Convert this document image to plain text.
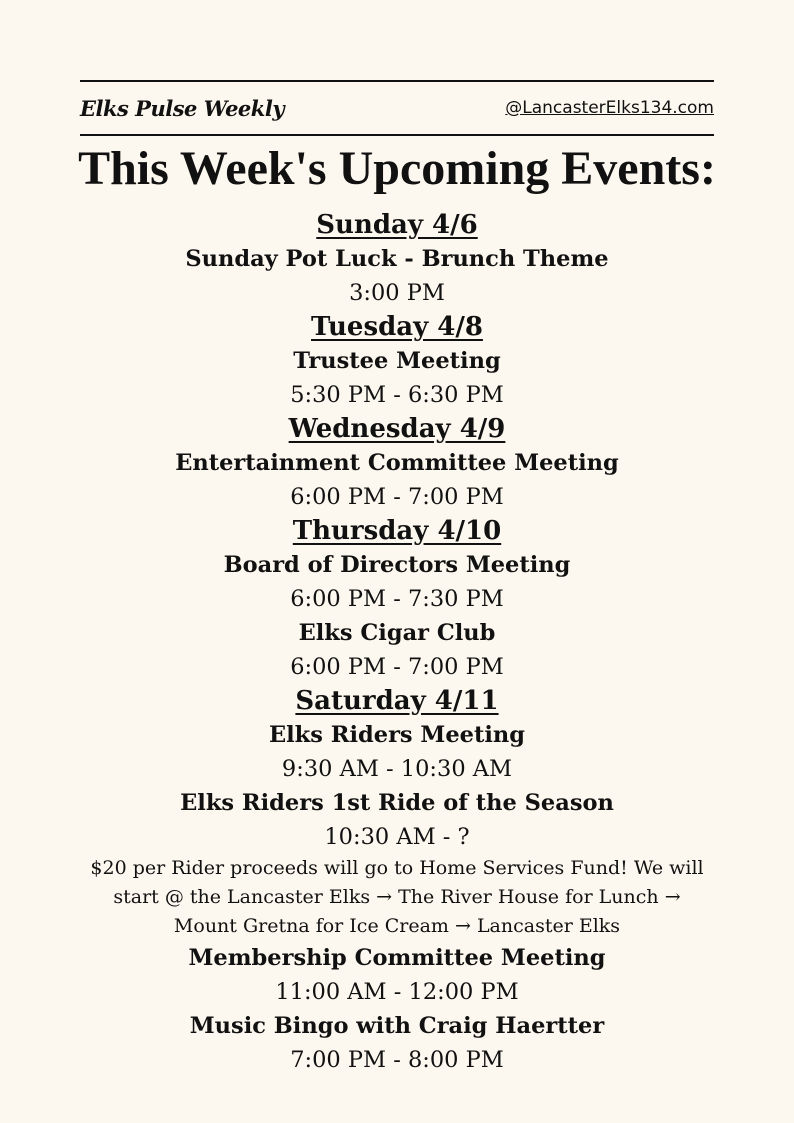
Elks Pulse Weekly	@LancasterElks134.com
This Week's Upcoming Events:
Sunday 4/6
Sunday Pot Luck - Brunch Theme
3:00 PM
Tuesday 4/8
Trustee Meeting
5:30 PM - 6:30 PM
Wednesday 4/9
Entertainment Committee Meeting
6:00 PM - 7:00 PM
Thursday 4/10
Board of Directors Meeting
6:00 PM - 7:30 PM
Elks Cigar Club
6:00 PM - 7:00 PM
Saturday 4/11
Elks Riders Meeting
9:30 AM - 10:30 AM
Elks Riders 1st Ride of the Season
10:30 AM - ?
$20 per Rider proceeds will go to Home Services Fund! We will start @ the Lancaster Elks → The River House for Lunch → Mount Gretna for Ice Cream → Lancaster Elks
Membership Committee Meeting
11:00 AM - 12:00 PM
Music Bingo with Craig Haertter
7:00 PM - 8:00 PM
